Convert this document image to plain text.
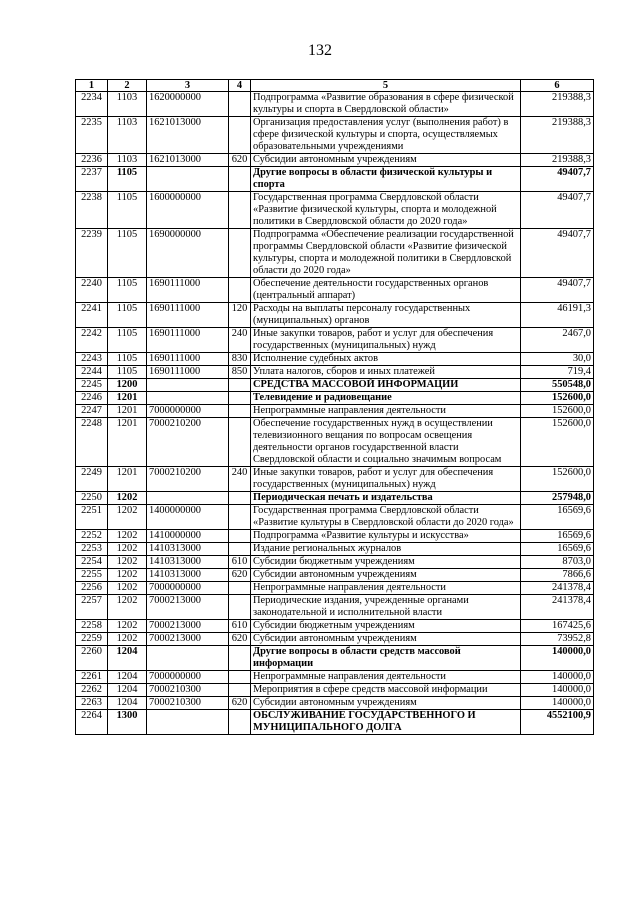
132
1	2	3	4	5	6
2234	1103	1620000000		Подпрограмма «Развитие образования в сфере физической культуры и спорта в Свердловской области»	219388,3
2235	1103	1621013000		Организация предоставления услуг (выполнения работ) в сфере физической культуры и спорта, осуществляемых образовательными учреждениями	219388,3
2236	1103	1621013000	620	Субсидии автономным учреждениям	219388,3
2237	1105			Другие вопросы в области физической культуры и спорта	49407,7
2238	1105	1600000000		Государственная программа Свердловской области «Развитие физической культуры, спорта и молодежной политики в Свердловской области до 2020 года»	49407,7
2239	1105	1690000000		Подпрограмма «Обеспечение реализации государственной программы Свердловской области «Развитие физической культуры, спорта и молодежной политики в Свердловской области до 2020 года»	49407,7
2240	1105	1690111000		Обеспечение деятельности государственных органов (центральный аппарат)	49407,7
2241	1105	1690111000	120	Расходы на выплаты персоналу государственных (муниципальных) органов	46191,3
2242	1105	1690111000	240	Иные закупки товаров, работ и услуг для обеспечения государственных (муниципальных) нужд	2467,0
2243	1105	1690111000	830	Исполнение судебных актов	30,0
2244	1105	1690111000	850	Уплата налогов, сборов и иных платежей	719,4
2245	1200			СРЕДСТВА МАССОВОЙ ИНФОРМАЦИИ	550548,0
2246	1201			Телевидение и радиовещание	152600,0
2247	1201	7000000000		Непрограммные направления деятельности	152600,0
2248	1201	7000210200		Обеспечение государственных нужд в осуществлении телевизионного вещания по вопросам освещения деятельности органов государственной власти Свердловской области и социально значимым вопросам	152600,0
2249	1201	7000210200	240	Иные закупки товаров, работ и услуг для обеспечения государственных (муниципальных) нужд	152600,0
2250	1202			Периодическая печать и издательства	257948,0
2251	1202	1400000000		Государственная программа Свердловской области «Развитие культуры в Свердловской области до 2020 года»	16569,6
2252	1202	1410000000		Подпрограмма «Развитие культуры и искусства»	16569,6
2253	1202	1410313000		Издание региональных журналов	16569,6
2254	1202	1410313000	610	Субсидии бюджетным учреждениям	8703,0
2255	1202	1410313000	620	Субсидии автономным учреждениям	7866,6
2256	1202	7000000000		Непрограммные направления деятельности	241378,4
2257	1202	7000213000		Периодические издания, учрежденные органами законодательной и исполнительной власти	241378,4
2258	1202	7000213000	610	Субсидии бюджетным учреждениям	167425,6
2259	1202	7000213000	620	Субсидии автономным учреждениям	73952,8
2260	1204			Другие вопросы в области средств массовой информации	140000,0
2261	1204	7000000000		Непрограммные направления деятельности	140000,0
2262	1204	7000210300		Мероприятия в сфере средств массовой информации	140000,0
2263	1204	7000210300	620	Субсидии автономным учреждениям	140000,0
2264	1300			ОБСЛУЖИВАНИЕ ГОСУДАРСТВЕННОГО И МУНИЦИПАЛЬНОГО ДОЛГА	4552100,9
